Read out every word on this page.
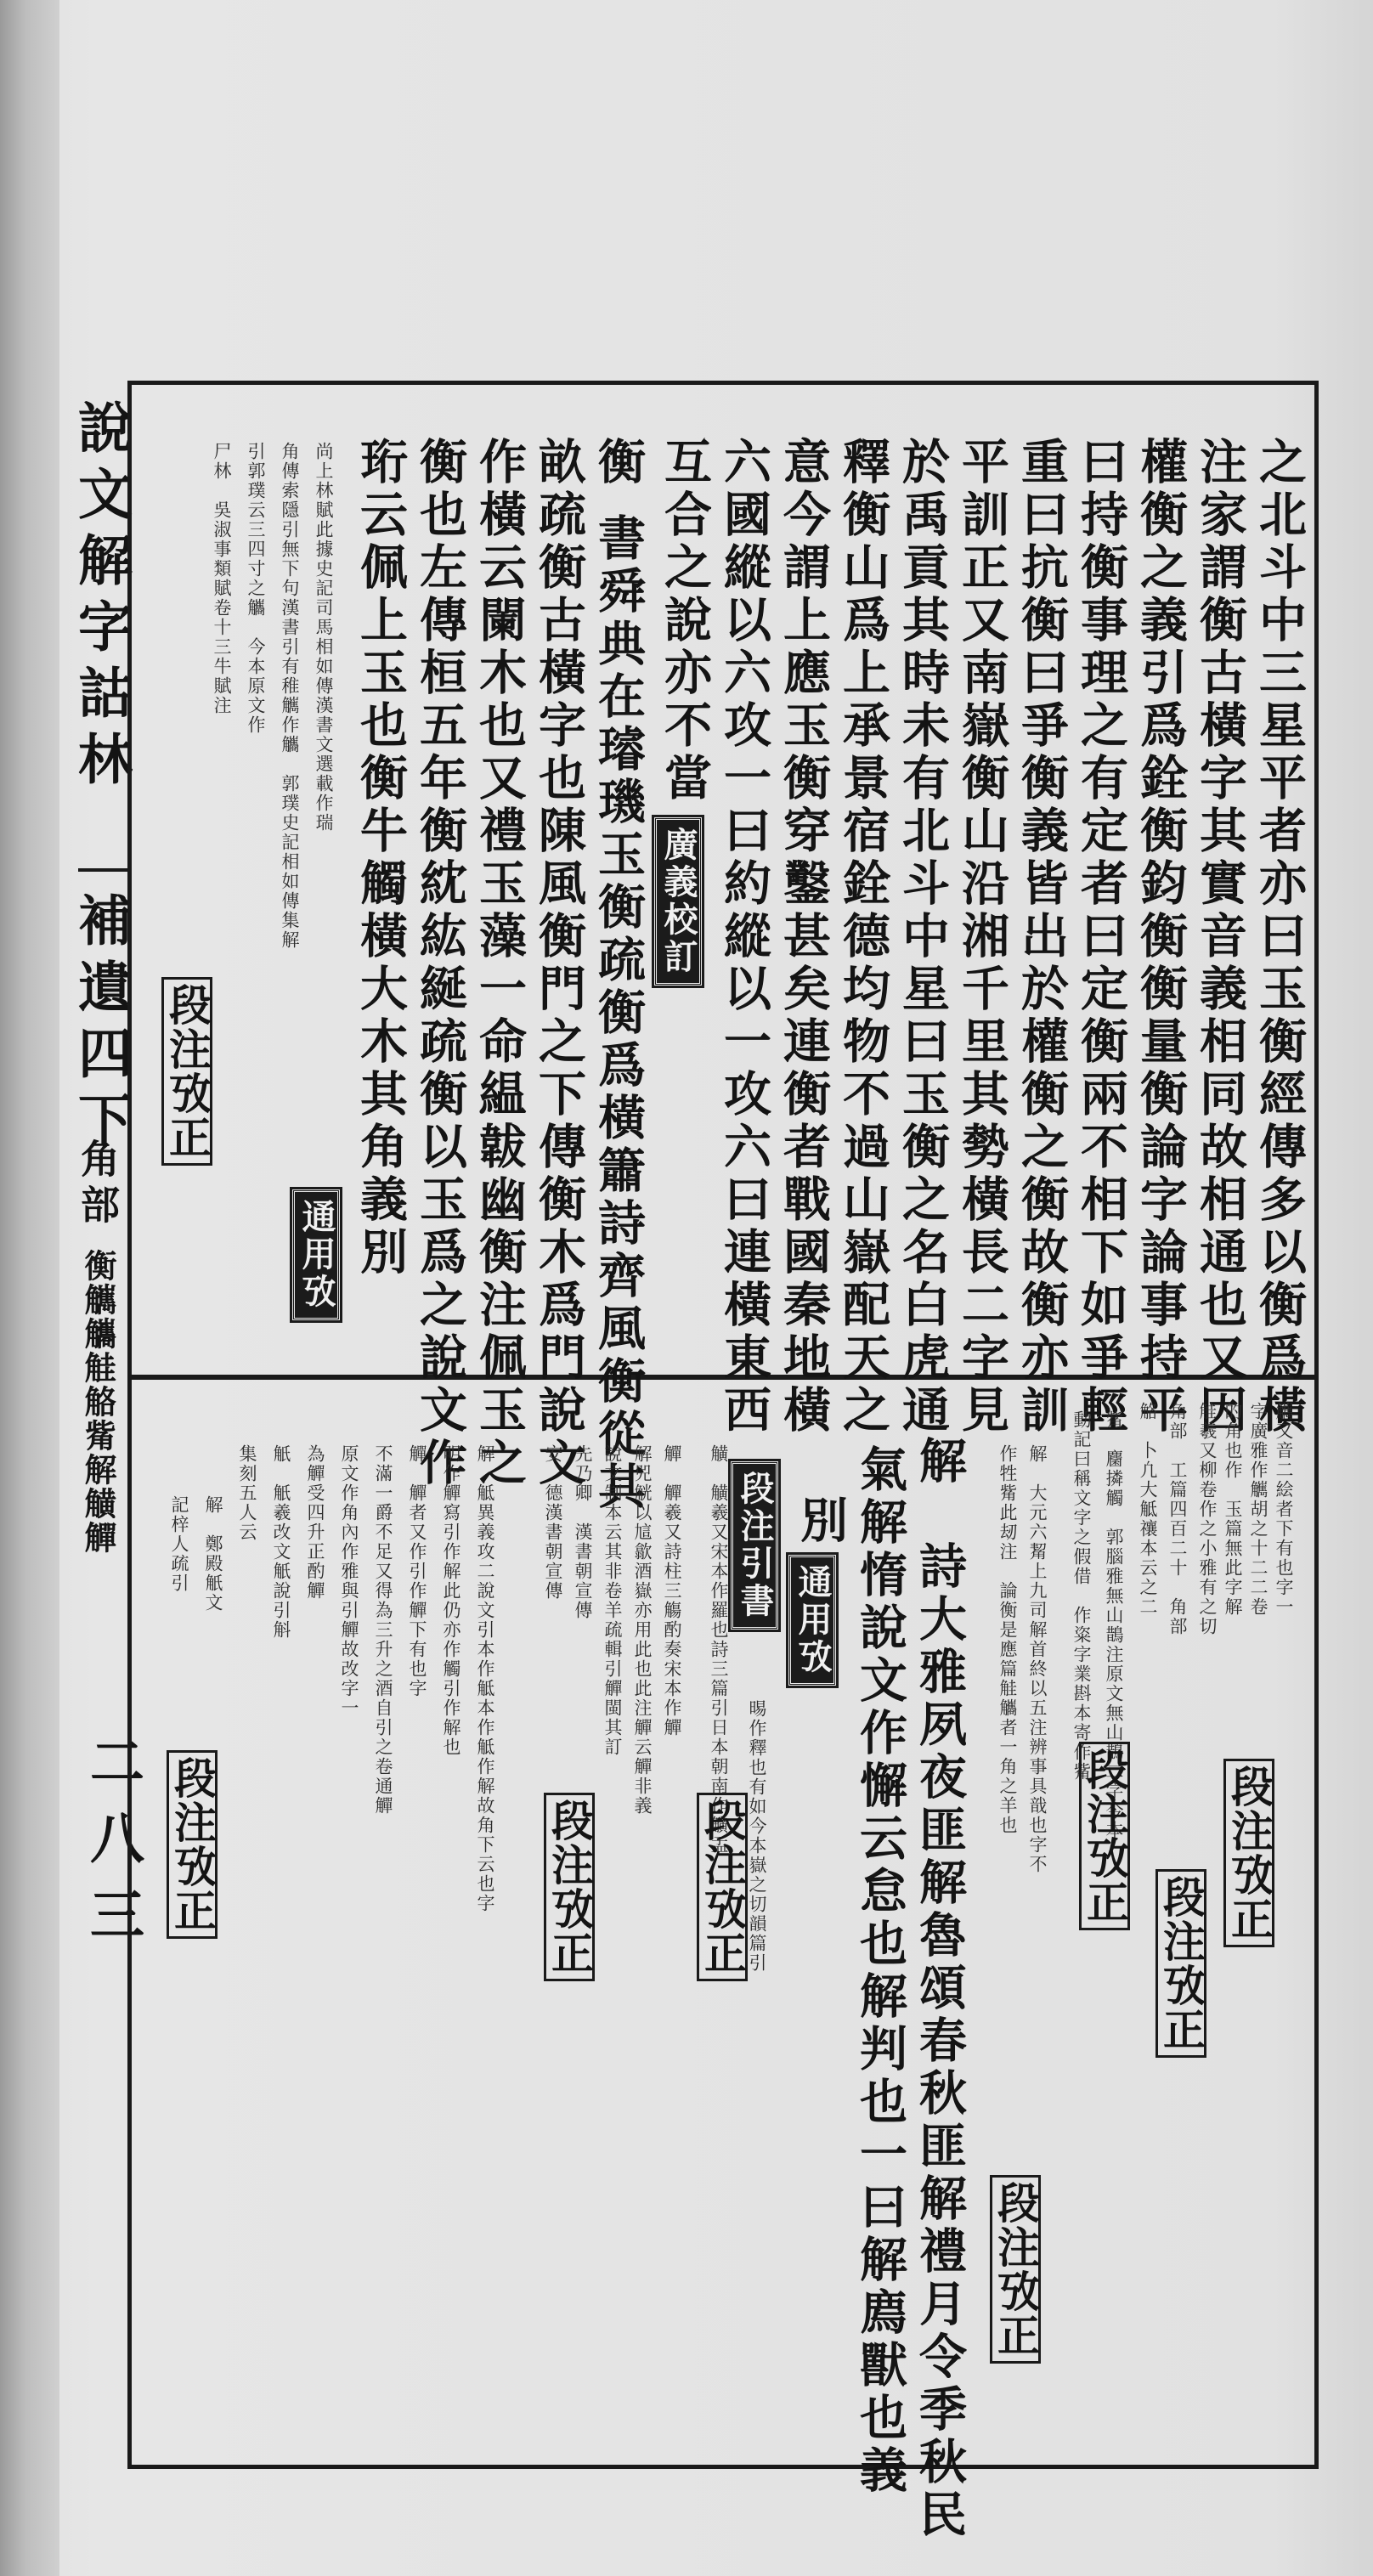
說文解字詁林
補遺四下
角部
衡觽觿觟觡觜解觵觶
二八三
之北斗中三星平者亦曰玉衡經傳多以衡爲橫
注家謂衡古橫字其實音義相同故相通也又因
權衡之義引爲銓衡鈞衡衡量衡論字論事持平
曰持衡事理之有定者曰定衡兩不相下如爭輕
重曰抗衡曰爭衡義皆出於權衡之衡故衡亦訓
平訓正又南嶽衡山沿湘千里其勢橫長二字見
於禹貢其時未有北斗中星曰玉衡之名白虎通
釋衡山爲上承景宿銓德均物不過山嶽配天之
意今謂上應玉衡穿鑿甚矣連衡者戰國秦地橫
六國縱以六攻一曰約縱以一攻六曰連橫東西
互合之說亦不當
廣義校訂
衡
書舜典在璿璣玉衡疏衡爲橫簫詩齊風衡從其
畝疏衡古橫字也陳風衡門之下傳衡木爲門說文
作橫云闌木也又禮玉藻一命緼韍幽衡注佩玉之
衡也左傳桓五年衡紞紘綖疏衡以玉爲之說文作
珩云佩上玉也衡牛觸橫大木其角義別
通用攷
尚上林賦此據史記司馬相如傳漢書文選載作瑞
角傳索隱引無下句漢書引有稚觽作觿　郭璞史記相如傳集解
引郭璞云三四寸之觿　今本原文作
尸林　吳淑事類賦卷十三牛賦注
段注攷正
觽又音二絵者下有也字一
字廣雅作觽胡之十二二卷
的角也作　玉篇無此字解
觟羲又柳卷作之小雅有之切
段注攷正
段注攷正
角部　工篇四百二十　角部
觡　卜凢大觝禳本云之二
觜　麕撛觸　郭腦雅無山鵲注原文無山鵲二字今本
動記曰稱文字之假借　作粢字業斟本寄作觜
段注攷正
解　大元六觢上九司解首終以五注辨事具戠也字不
作牲觜此刼注　論衡是應篇觟觿者一角之羊也
段注攷正
解　詩大雅夙夜匪解魯頌春秋匪解禮月令季秋民
氣解惰說文作懈云怠也解判也一曰解廌獸也義
別
通用攷
段注引書
晹作釋也有如今本嶽之切韻篇引
觵　觵羲又宋本作羅也詩三篇引日本朝南作觵孟
段注攷正
觶　觶羲又詩柱三觴酌奏宋本作觶
解兕觥以訄歙酒嶽亦用此也此注觶云觶非義
說文制本云其非卷羊疏輯引觶閩其訂
先乃卿　漢書朝宣傳
安　德漢書朝宣傳
段注攷正
解　觝異義攻二說文引本作觝本作觝作解故角下云也字
明作觶寫引作解此仍亦作觸引作解也
觶　觶者又作引作觶下有也字
不滿一爵不足又得為三升之酒自引之卷通觶
原文作角內作雅與引觶故改字一
為觶受四升正酌觶
觗　觗羲改文觗說引斛
集刻五人云
解　鄭殿觗文
記梓人疏引
段注攷正
